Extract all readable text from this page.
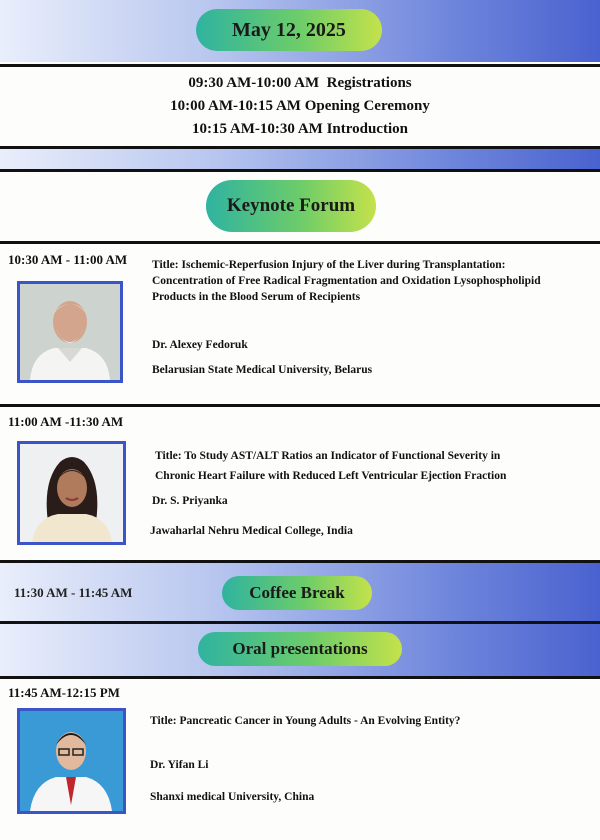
May 12, 2025
09:30 AM-10:00 AM Registrations
10:00 AM-10:15 AM Opening Ceremony
10:15 AM-10:30 AM Introduction
Keynote Forum
10:30 AM - 11:00 AM Title: Ischemic-Reperfusion Injury of the Liver during Transplantation:
Concentration of Free Radical Fragmentation and Oxidation Lysophospholipid
Products in the Blood Serum of Recipients
Dr. Alexey Fedoruk
Belarusian State Medical University, Belarus
11:00 AM -11:30 AM
Title: To Study AST/ALT Ratios an Indicator of Functional Severity in
Chronic Heart Failure with Reduced Left Ventricular Ejection Fraction
Dr. S. Priyanka
Jawaharlal Nehru Medical College, India
11:30 AM - 11:45 AM	Coffee Break
Oral presentations
11:45 AM-12:15 PM
Title: Pancreatic Cancer in Young Adults - An Evolving Entity?
Dr. Yifan Li
Shanxi medical University, China
